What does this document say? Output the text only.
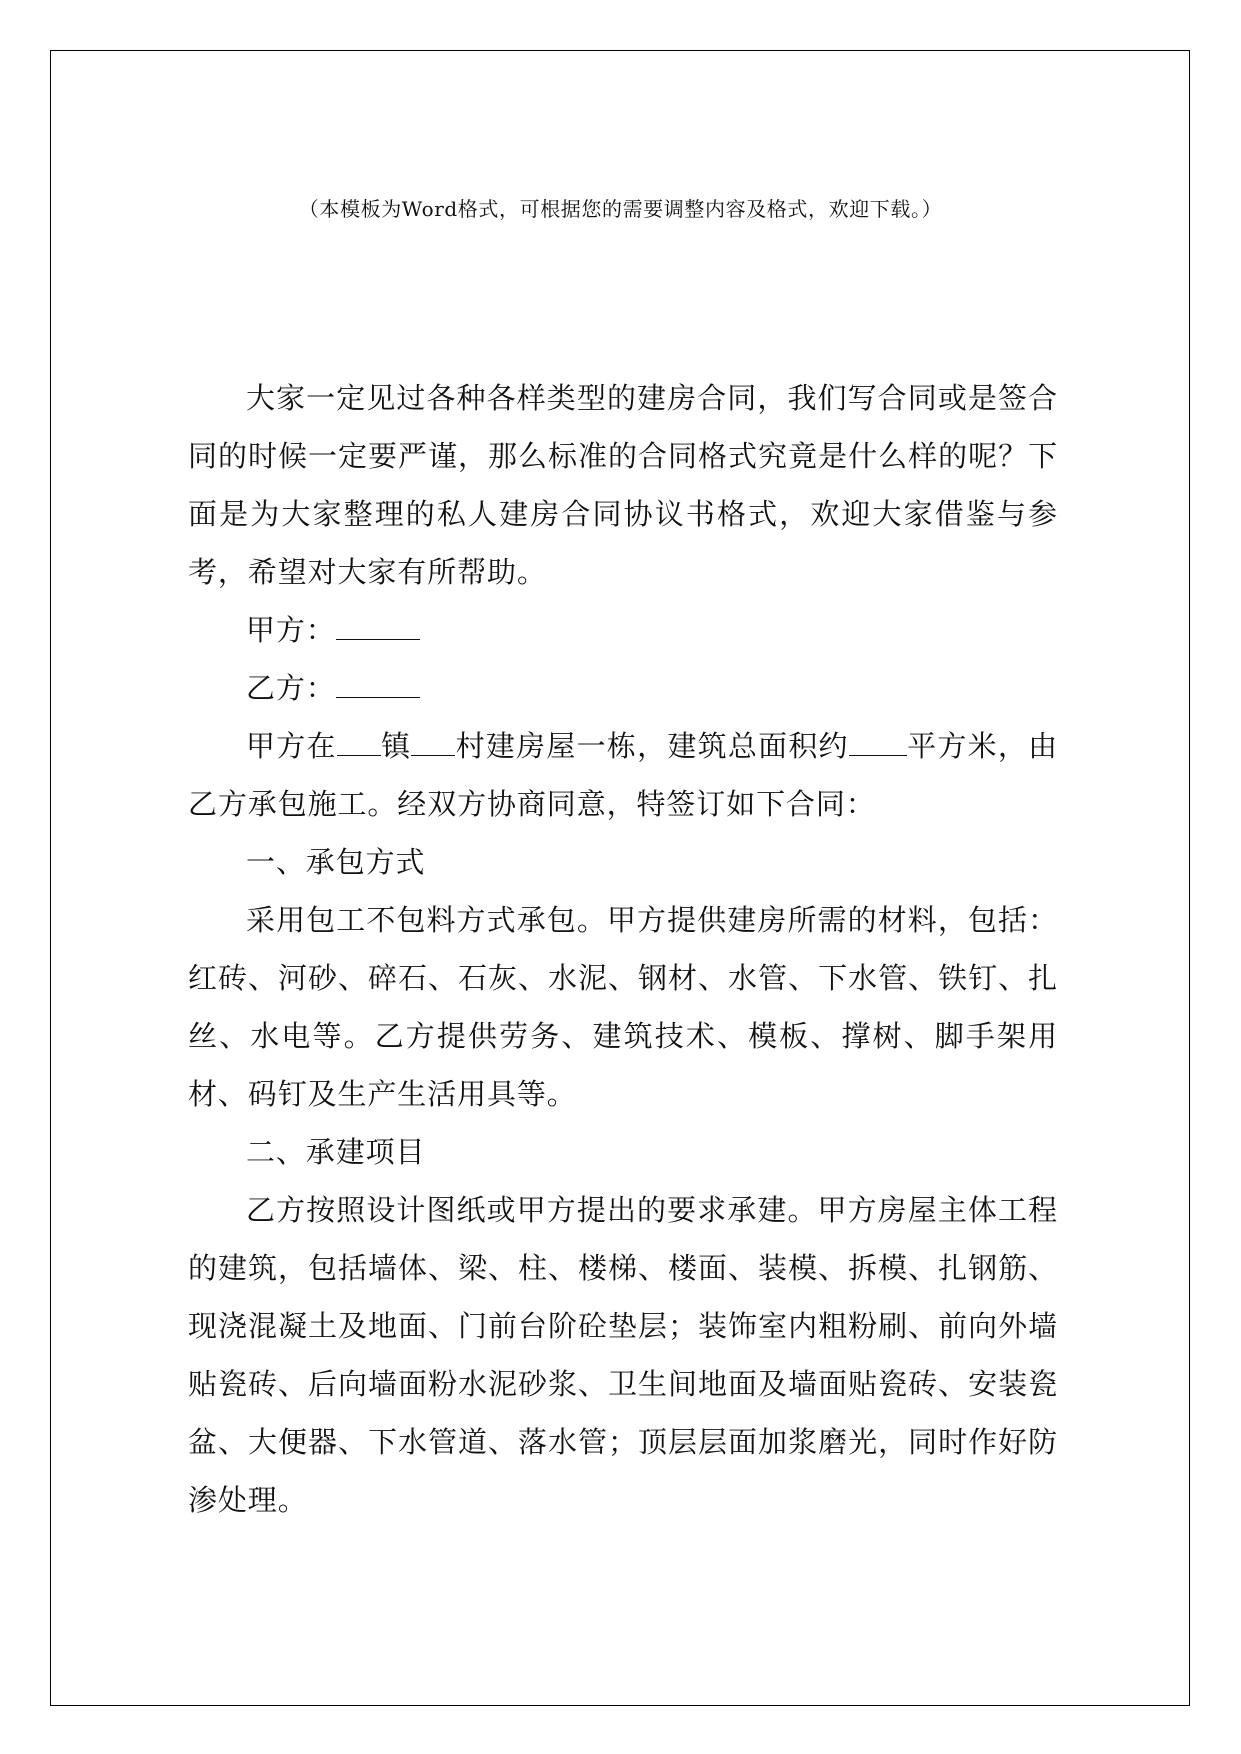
（本模板为Word格式，可根据您的需要调整内容及格式，欢迎下载。）

大家一定见过各种各样类型的建房合同，我们写合同或是签合同的时候一定要严谨，那么标准的合同格式究竟是什么样的呢？下面是为大家整理的私人建房合同协议书格式，欢迎大家借鉴与参考，希望对大家有所帮助。

甲方：

乙方：

甲方在 镇 村建房屋一栋，建筑总面积约 平方米，由乙方承包施工。经双方协商同意，特签订如下合同：

一、承包方式

采用包工不包料方式承包。甲方提供建房所需的材料，包括：红砖、河砂、碎石、石灰、水泥、钢材、水管、下水管、铁钉、扎丝、水电等。乙方提供劳务、建筑技术、模板、撑树、脚手架用材、码钉及生产生活用具等。

二、承建项目

乙方按照设计图纸或甲方提出的要求承建。甲方房屋主体工程的建筑，包括墙体、梁、柱、楼梯、楼面、装模、拆模、扎钢筋、现浇混凝土及地面、门前台阶砼垫层；装饰室内粗粉刷、前向外墙贴瓷砖、后向墙面粉水泥砂浆、卫生间地面及墙面贴瓷砖、安装瓷盆、大便器、下水管道、落水管；顶层层面加浆磨光，同时作好防渗处理。
